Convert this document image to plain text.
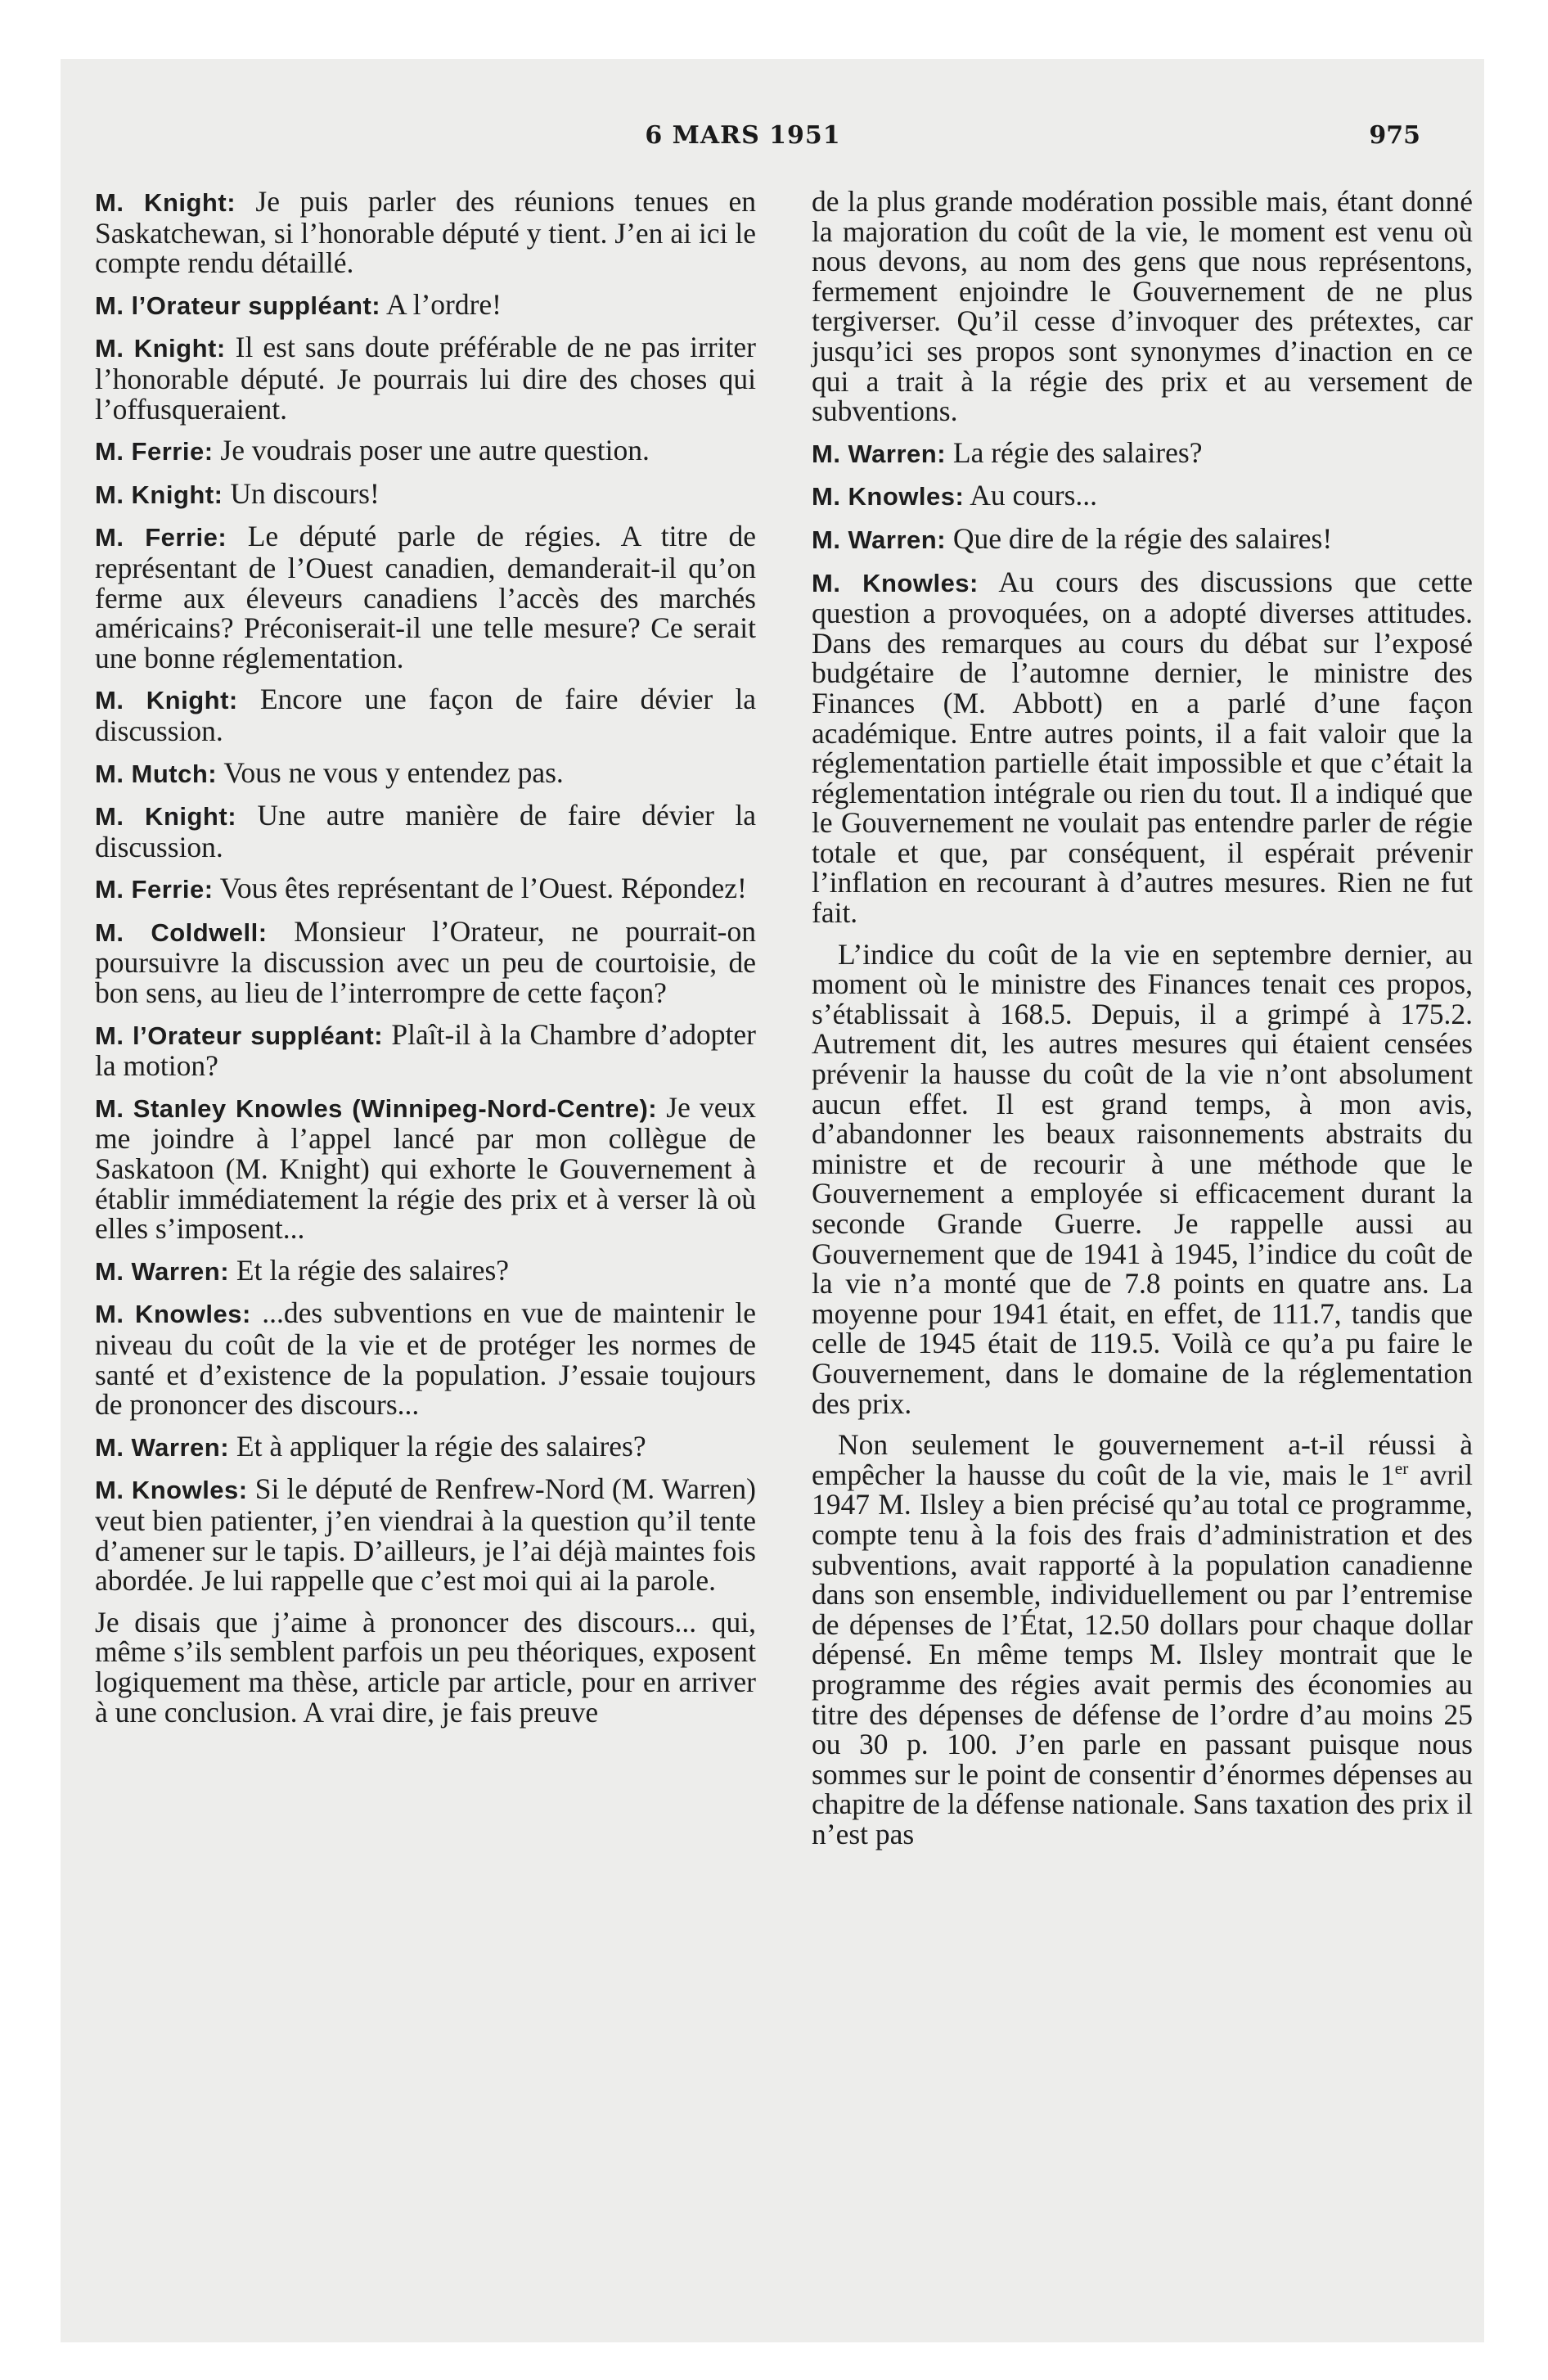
6 MARS 1951	975

M. Knight: Je puis parler des réunions tenues en Saskatchewan, si l’honorable député y tient. J’en ai ici le compte rendu détaillé.

M. l’Orateur suppléant: A l’ordre!

M. Knight: Il est sans doute préférable de ne pas irriter l’honorable député. Je pourrais lui dire des choses qui l’offusqueraient.

M. Ferrie: Je voudrais poser une autre question.

M. Knight: Un discours!

M. Ferrie: Le député parle de régies. A titre de représentant de l’Ouest canadien, demanderait-il qu’on ferme aux éleveurs canadiens l’accès des marchés américains? Préconiserait-il une telle mesure? Ce serait une bonne réglementation.

M. Knight: Encore une façon de faire dévier la discussion.

M. Mutch: Vous ne vous y entendez pas.

M. Knight: Une autre manière de faire dévier la discussion.

M. Ferrie: Vous êtes représentant de l’Ouest. Répondez!

M. Coldwell: Monsieur l’Orateur, ne pourrait-on poursuivre la discussion avec un peu de courtoisie, de bon sens, au lieu de l’interrompre de cette façon?

M. l’Orateur suppléant: Plaît-il à la Chambre d’adopter la motion?

M. Stanley Knowles (Winnipeg-Nord-Centre): Je veux me joindre à l’appel lancé par mon collègue de Saskatoon (M. Knight) qui exhorte le Gouvernement à établir immédiatement la régie des prix et à verser là où elles s’imposent...

M. Warren: Et la régie des salaires?

M. Knowles: ...des subventions en vue de maintenir le niveau du coût de la vie et de protéger les normes de santé et d’existence de la population. J’essaie toujours de prononcer des discours...

M. Warren: Et à appliquer la régie des salaires?

M. Knowles: Si le député de Renfrew-Nord (M. Warren) veut bien patienter, j’en viendrai à la question qu’il tente d’amener sur le tapis. D’ailleurs, je l’ai déjà maintes fois abordée. Je lui rappelle que c’est moi qui ai la parole.

Je disais que j’aime à prononcer des discours... qui, même s’ils semblent parfois un peu théoriques, exposent logiquement ma thèse, article par article, pour en arriver à une conclusion. A vrai dire, je fais preuve

de la plus grande modération possible mais, étant donné la majoration du coût de la vie, le moment est venu où nous devons, au nom des gens que nous représentons, fermement enjoindre le Gouvernement de ne plus tergiverser. Qu’il cesse d’invoquer des prétextes, car jusqu’ici ses propos sont synonymes d’inaction en ce qui a trait à la régie des prix et au versement de subventions.

M. Warren: La régie des salaires?

M. Knowles: Au cours...

M. Warren: Que dire de la régie des salaires!

M. Knowles: Au cours des discussions que cette question a provoquées, on a adopté diverses attitudes. Dans des remarques au cours du débat sur l’exposé budgétaire de l’automne dernier, le ministre des Finances (M. Abbott) en a parlé d’une façon académique. Entre autres points, il a fait valoir que la réglementation partielle était impossible et que c’était la réglementation intégrale ou rien du tout. Il a indiqué que le Gouvernement ne voulait pas entendre parler de régie totale et que, par conséquent, il espérait prévenir l’inflation en recourant à d’autres mesures. Rien ne fut fait.

L’indice du coût de la vie en septembre dernier, au moment où le ministre des Finances tenait ces propos, s’établissait à 168.5. Depuis, il a grimpé à 175.2. Autrement dit, les autres mesures qui étaient censées prévenir la hausse du coût de la vie n’ont absolument aucun effet. Il est grand temps, à mon avis, d’abandonner les beaux raisonnements abstraits du ministre et de recourir à une méthode que le Gouvernement a employée si efficacement durant la seconde Grande Guerre. Je rappelle aussi au Gouvernement que de 1941 à 1945, l’indice du coût de la vie n’a monté que de 7.8 points en quatre ans. La moyenne pour 1941 était, en effet, de 111.7, tandis que celle de 1945 était de 119.5. Voilà ce qu’a pu faire le Gouvernement, dans le domaine de la réglementation des prix.

Non seulement le gouvernement a-t-il réussi à empêcher la hausse du coût de la vie, mais le 1er avril 1947 M. Ilsley a bien précisé qu’au total ce programme, compte tenu à la fois des frais d’administration et des subventions, avait rapporté à la population canadienne dans son ensemble, individuellement ou par l’entremise de dépenses de l’État, 12.50 dollars pour chaque dollar dépensé. En même temps M. Ilsley montrait que le programme des régies avait permis des économies au titre des dépenses de défense de l’ordre d’au moins 25 ou 30 p. 100. J’en parle en passant puisque nous sommes sur le point de consentir d’énormes dépenses au chapitre de la défense nationale. Sans taxation des prix il n’est pas
